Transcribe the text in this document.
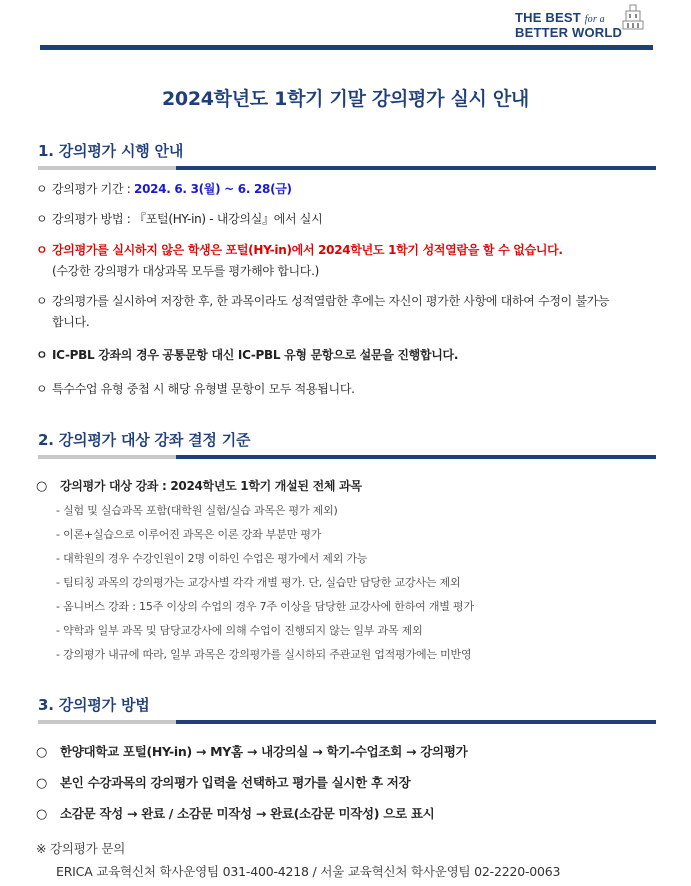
THE BEST for a
BETTER WORLD
2024학년도 1학기 기말 강의평가 실시 안내
1. 강의평가 시행 안내
ㅇ 강의평가 기간 : 2024. 6. 3(월) ~ 6. 28(금)
ㅇ 강의평가 방법 : 『포털(HY-in) - 내강의실』에서 실시
ㅇ 강의평가를 실시하지 않은 학생은 포털(HY-in)에서 2024학년도 1학기 성적열람을 할 수 없습니다.
(수강한 강의평가 대상과목 모두를 평가해야 합니다.)
ㅇ 강의평가를 실시하여 저장한 후, 한 과목이라도 성적열람한 후에는 자신이 평가한 사항에 대하여 수정이 불가능
합니다.
ㅇ IC-PBL 강좌의 경우 공통문항 대신 IC-PBL 유형 문항으로 설문을 진행합니다.
ㅇ 특수수업 유형 중첩 시 해당 유형별 문항이 모두 적용됩니다.
2. 강의평가 대상 강좌 결정 기준
○ 강의평가 대상 강좌 : 2024학년도 1학기 개설된 전체 과목
- 실험 및 실습과목 포함(대학원 실험/실습 과목은 평가 제외)
- 이론+실습으로 이루어진 과목은 이론 강좌 부분만 평가
- 대학원의 경우 수강인원이 2명 이하인 수업은 평가에서 제외 가능
- 팀티칭 과목의 강의평가는 교강사별 각각 개별 평가. 단, 실습만 담당한 교강사는 제외
- 옴니버스 강좌 : 15주 이상의 수업의 경우 7주 이상을 담당한 교강사에 한하여 개별 평가
- 약학과 일부 과목 및 담당교강사에 의해 수업이 진행되지 않는 일부 과목 제외
- 강의평가 내규에 따라, 일부 과목은 강의평가를 실시하되 주관교원 업적평가에는 미반영
3. 강의평가 방법
○ 한양대학교 포털(HY-in) → MY홈 → 내강의실 → 학기-수업조회 → 강의평가
○ 본인 수강과목의 강의평가 입력을 선택하고 평가를 실시한 후 저장
○ 소감문 작성 → 완료 / 소감문 미작성 → 완료(소감문 미작성) 으로 표시
※ 강의평가 문의
ERICA 교육혁신처 학사운영팀 031-400-4218 / 서울 교육혁신처 학사운영팀 02-2220-0063
